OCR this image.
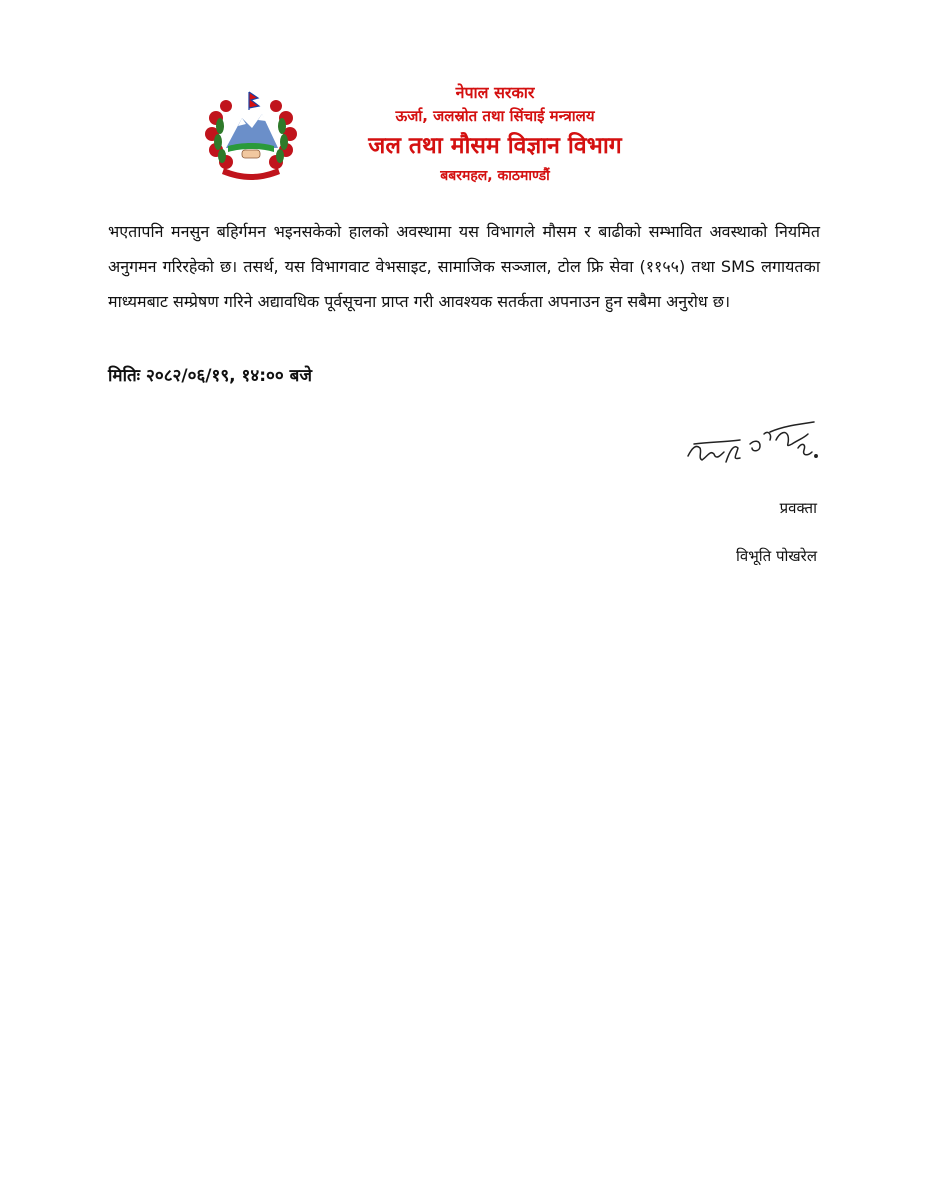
नेपाल सरकार
ऊर्जा, जलस्रोत तथा सिंचाई मन्त्रालय
जल तथा मौसम विज्ञान विभाग
बबरमहल, काठमाण्डौं
भएतापनि मनसुन बहिर्गमन भइनसकेको हालको अवस्थामा यस विभागले मौसम र बाढीको सम्भावित अवस्थाको नियमित अनुगमन गरिरहेको छ। तसर्थ, यस विभागवाट वेभसाइट, सामाजिक सञ्जाल, टोल फ्रि सेवा (११५५) तथा SMS लगायतका माध्यमबाट सम्प्रेषण गरिने अद्यावधिक पूर्वसूचना प्राप्त गरी आवश्यक सतर्कता अपनाउन हुन सबैमा अनुरोध छ।
मितिः २०८२/०६/१९, १४:०० बजे
प्रवक्ता
विभूति पोखरेल
